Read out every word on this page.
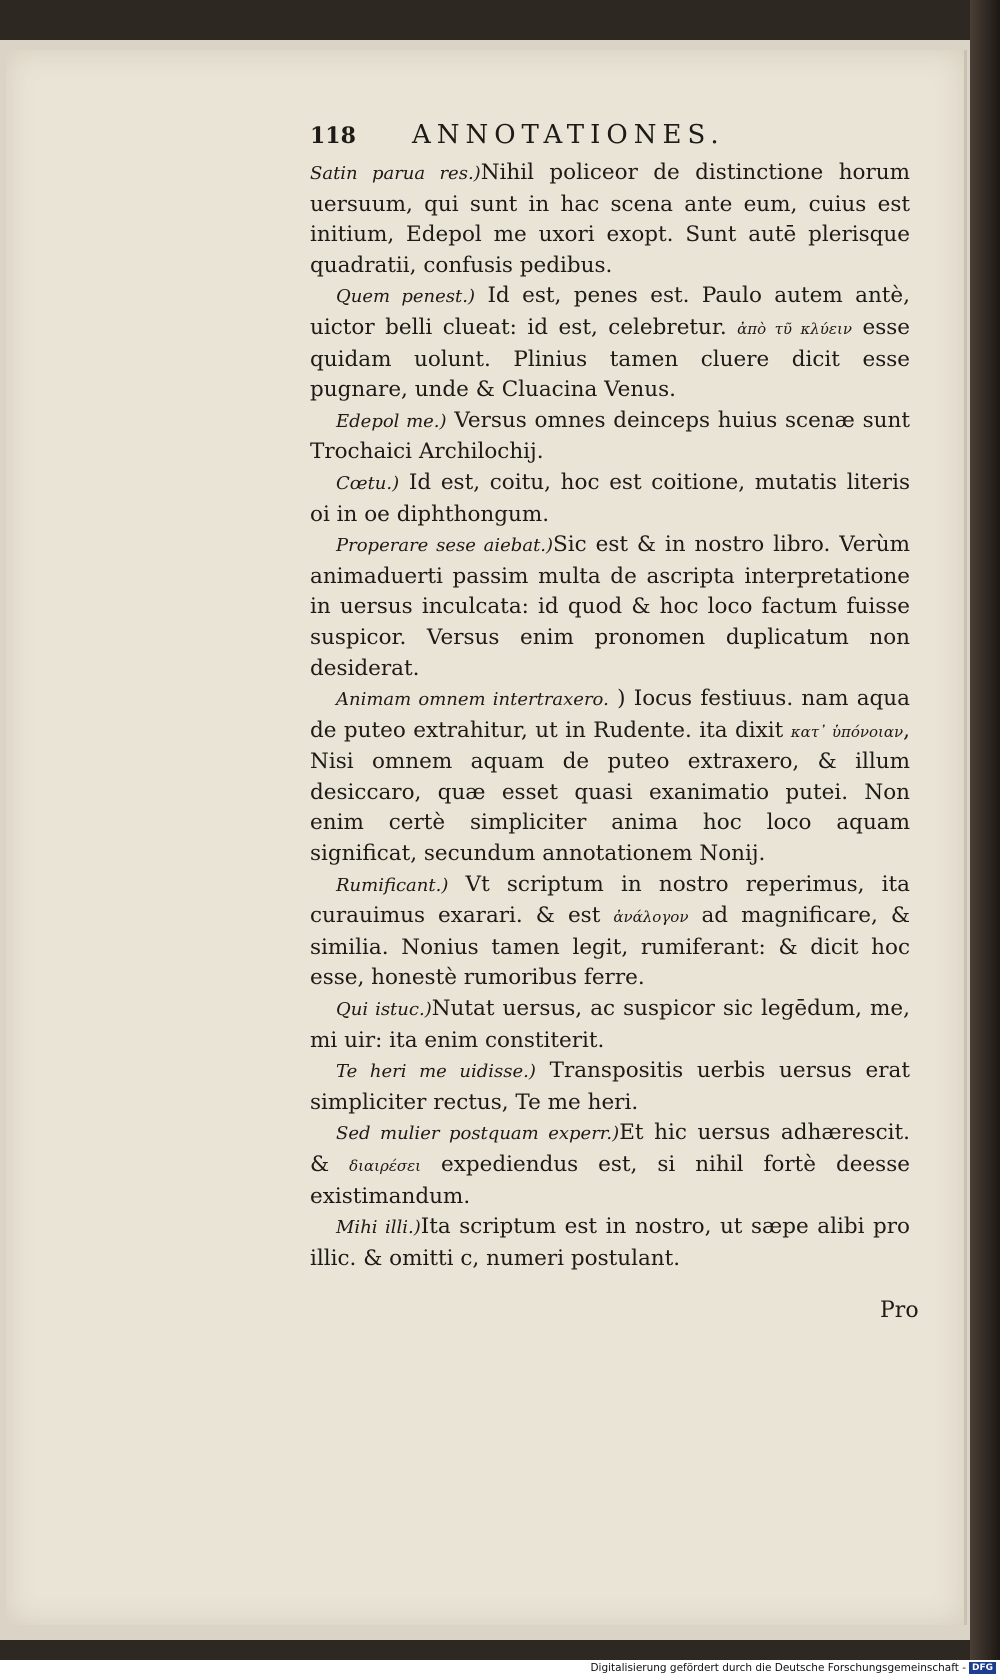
118 ANNOTATIONES.

Satin parua res.)Nihil policeor de distinctione horum uersuum, qui sunt in hac scena ante eum, cuius est initium, Edepol me uxori exopt. Sunt autē plerisque quadratii, confusis pedibus.

Quem penest.) Id est, penes est. Paulo autem antè, uictor belli clueat: id est, celebretur. ἀπὸ τῦ κλύειν esse quidam uolunt. Plinius tamen cluere dicit esse pugnare, unde & Cluacina Venus.

Edepol me.) Versus omnes deinceps huius scenæ sunt Trochaici Archilochij.

Cœtu.) Id est, coitu, hoc est coitione, mutatis literis oi in oe diphthongum.

Properare sese aiebat.)Sic est & in nostro libro. Verùm animaduerti passim multa de ascripta interpretatione in uersus inculcata: id quod & hoc loco factum fuisse suspicor. Versus enim pronomen duplicatum non desiderat.

Animam omnem intertraxero. ) Iocus festiuus. nam aqua de puteo extrahitur, ut in Rudente. ita dixit κατ᾽ ὑπόνοιαν, Nisi omnem aquam de puteo extraxero, & illum desiccaro, quæ esset quasi exanimatio putei. Non enim certè simpliciter anima hoc loco aquam significat, secundum annotationem Nonij.

Rumificant.) Vt scriptum in nostro reperimus, ita curauimus exarari. & est ἀνάλογον ad magnificare, & similia. Nonius tamen legit, rumiferant: & dicit hoc esse, honestè rumoribus ferre.

Qui istuc.)Nutat uersus, ac suspicor sic legēdum, me, mi uir: ita enim constiterit.

Te heri me uidisse.) Transpositis uerbis uersus erat simpliciter rectus, Te me heri.

Sed mulier postquam experr.)Et hic uersus adhærescit. & διαιρέσει expediendus est, si nihil fortè deesse existimandum.

Mihi illi.)Ita scriptum est in nostro, ut sæpe alibi pro illic. & omitti c, numeri postulant.

Pro
Digitalisierung gefördert durch die Deutsche Forschungsgemeinschaft - DFG
